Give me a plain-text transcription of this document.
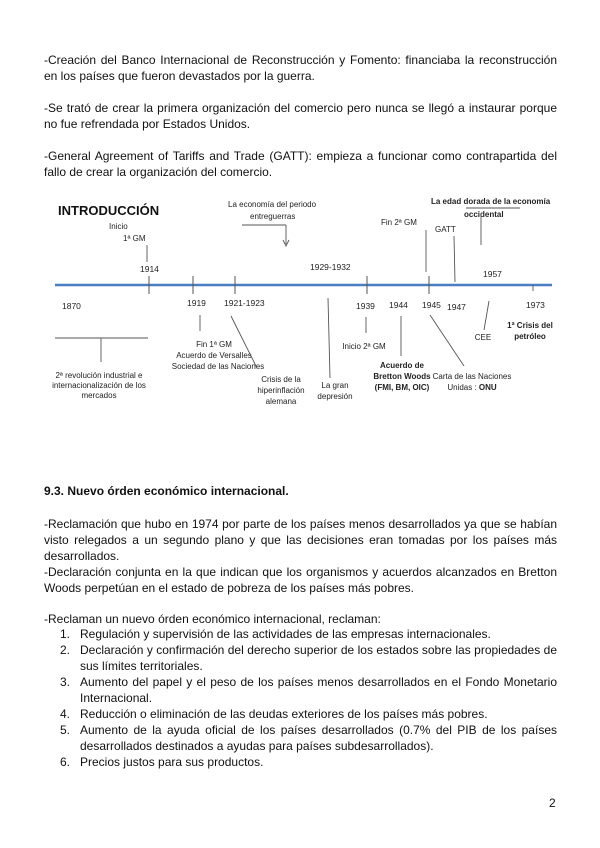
-Creación del Banco Internacional de Reconstrucción y Fomento: financiaba la reconstrucción en los países que fueron devastados por la guerra.

-Se trató de crear la primera organización del comercio pero nunca se llegó a instaurar porque no fue refrendada por Estados Unidos.

-General Agreement of Tariffs and Trade (GATT): empieza a funcionar como contrapartida del fallo de crear la organización del comercio.

INTRODUCCIÓN
1870
1914
1919 1921-1923
1929-1932
1939 1944 1945 1947
1957
1973
Inicio
1ª GM
La economía del periodo
entreguerras
Fin 2ª GM
La edad dorada de la economía
occidental
GATT
2ª revolución industrial e
internacionalización de los
mercados
Fin 1ª GM
Acuerdo de Versalles
Sociedad de las Naciones
Crisis de la
hiperinflación
alemana
La gran
depresión
Inicio 2ª GM
Acuerdo de
Bretton Woods
(FMI, BM, OIC)
Carta de las Naciones
Unidas : ONU
CEE
1ª Crisis del
petróleo

9.3. Nuevo órden económico internacional.

-Reclamación que hubo en 1974 por parte de los países menos desarrollados ya que se habían visto relegados a un segundo plano y que las decisiones eran tomadas por los países más desarrollados.

-Declaración conjunta en la que indican que los organismos y acuerdos alcanzados en Bretton Woods perpetúan en el estado de pobreza de los países más pobres.

-Reclaman un nuevo órden económico internacional, reclaman:

1. Regulación y supervisión de las actividades de las empresas internacionales.
2. Declaración y confirmación del derecho superior de los estados sobre las propiedades de sus límites territoriales.
3. Aumento del papel y el peso de los países menos desarrollados en el Fondo Monetario Internacional.
4. Reducción o eliminación de las deudas exteriores de los países más pobres.
5. Aumento de la ayuda oficial de los países desarrollados (0.7% del PIB de los países desarrollados destinados a ayudas para países subdesarrollados).
6. Precios justos para sus productos.
2
